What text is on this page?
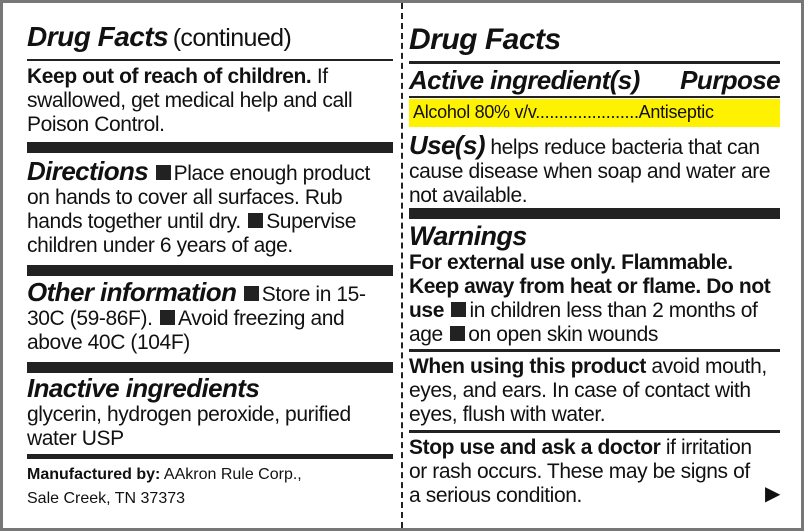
Drug Facts (continued)
Keep out of reach of children. If swallowed, get medical help and call Poison Control.
Directions Place enough product on hands to cover all surfaces. Rub hands together until dry. Supervise children under 6 years of age.
Other information Store in 15-30C (59-86F). Avoid freezing and above 40C (104F)
Inactive ingredients
glycerin, hydrogen peroxide, purified water USP
Manufactured by: AAkron Rule Corp.,
Sale Creek, TN 37373
Drug Facts
Active ingredient(s) Purpose
Alcohol 80% v/v......................Antiseptic
Use(s) helps reduce bacteria that can cause disease when soap and water are not available.
Warnings
For external use only. Flammable. Keep away from heat or flame. Do not use in children less than 2 months of age on open skin wounds
When using this product avoid mouth, eyes, and ears. In case of contact with eyes, flush with water.
Stop use and ask a doctor if irritation or rash occurs. These may be signs of a serious condition.	▶
